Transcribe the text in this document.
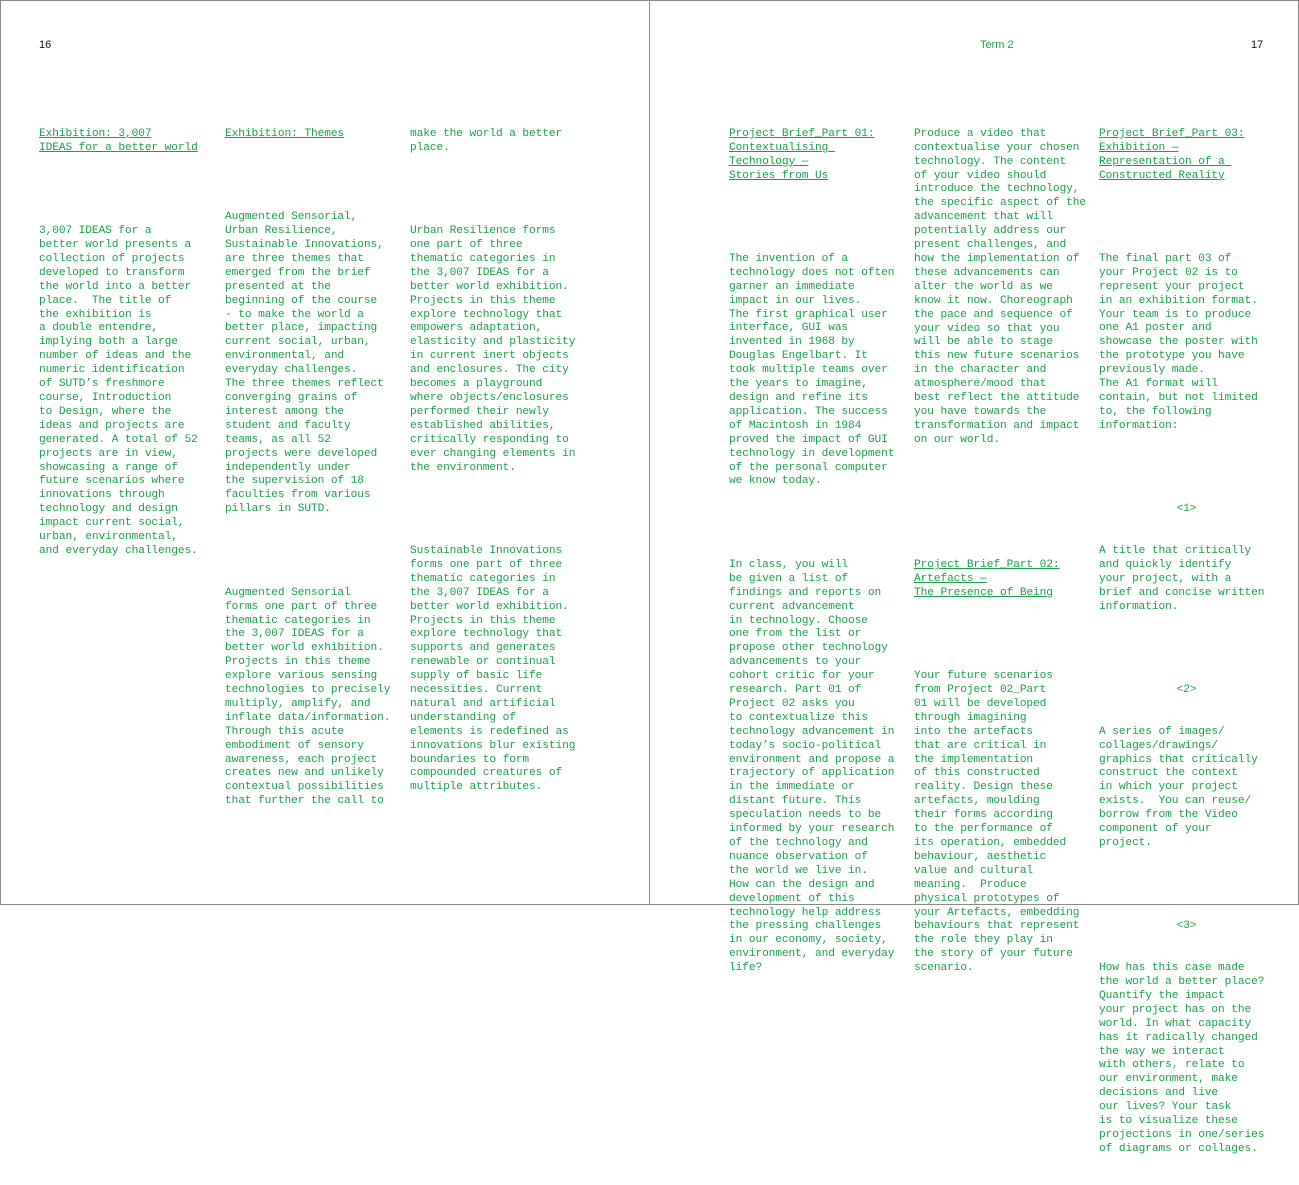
16

Exhibition: 3,007
IDEAS for a better world

3,007 IDEAS for a
better world presents a
collection of projects
developed to transform
the world into a better
place.  The title of
the exhibition is
a double entendre,
implying both a large
number of ideas and the
numeric identification
of SUTD’s freshmore
course, Introduction
to Design, where the
ideas and projects are
generated. A total of 52
projects are in view,
showcasing a range of
future scenarios where
innovations through
technology and design
impact current social,
urban, environmental,
and everyday challenges.

Exhibition: Themes

Augmented Sensorial,
Urban Resilience,
Sustainable Innovations,
are three themes that
emerged from the brief
presented at the
beginning of the course
- to make the world a
better place, impacting
current social, urban,
environmental, and
everyday challenges.
The three themes reflect
converging grains of
interest among the
student and faculty
teams, as all 52
projects were developed
independently under
the supervision of 18
faculties from various
pillars in SUTD.

Augmented Sensorial
forms one part of three
thematic categories in
the 3,007 IDEAS for a
better world exhibition.
Projects in this theme
explore various sensing
technologies to precisely
multiply, amplify, and
inflate data/information.
Through this acute
embodiment of sensory
awareness, each project
creates new and unlikely
contextual possibilities
that further the call to

make the world a better
place.

Urban Resilience forms
one part of three
thematic categories in
the 3,007 IDEAS for a
better world exhibition.
Projects in this theme
explore technology that
empowers adaptation,
elasticity and plasticity
in current inert objects
and enclosures. The city
becomes a playground
where objects/enclosures
performed their newly
established abilities,
critically responding to
ever changing elements in
the environment.

Sustainable Innovations
forms one part of three
thematic categories in
the 3,007 IDEAS for a
better world exhibition.
Projects in this theme
explore technology that
supports and generates
renewable or continual
supply of basic life
necessities. Current
natural and artificial
understanding of
elements is redefined as
innovations blur existing
boundaries to form
compounded creatures of
multiple attributes.

Term 2	17

Project Brief_Part 01:
Contextualising
Technology —
Stories from Us

The invention of a
technology does not often
garner an immediate
impact in our lives.
The first graphical user
interface, GUI was
invented in 1968 by
Douglas Engelbart. It
took multiple teams over
the years to imagine,
design and refine its
application. The success
of Macintosh in 1984
proved the impact of GUI
technology in development
of the personal computer
we know today.

In class, you will
be given a list of
findings and reports on
current advancement
in technology. Choose
one from the list or
propose other technology
advancements to your
cohort critic for your
research. Part 01 of
Project 02 asks you
to contextualize this
technology advancement in
today’s socio-political
environment and propose a
trajectory of application
in the immediate or
distant future. This
speculation needs to be
informed by your research
of the technology and
nuance observation of
the world we live in.
How can the design and
development of this
technology help address
the pressing challenges
in our economy, society,
environment, and everyday
life?

Produce a video that
contextualise your chosen
technology. The content
of your video should
introduce the technology,
the specific aspect of the
advancement that will
potentially address our
present challenges, and
how the implementation of
these advancements can
alter the world as we
know it now. Choreograph
the pace and sequence of
your video so that you
will be able to stage
this new future scenarios
in the character and
atmosphere/mood that
best reflect the attitude
you have towards the
transformation and impact
on our world.

Project Brief_Part 02:
Artefacts —
The Presence of Being

Your future scenarios
from Project 02_Part
01 will be developed
through imagining
into the artefacts
that are critical in
the implementation
of this constructed
reality. Design these
artefacts, moulding
their forms according
to the performance of
its operation, embedded
behaviour, aesthetic
value and cultural
meaning.  Produce
physical prototypes of
your Artefacts, embedding
behaviours that represent
the role they play in
the story of your future
scenario.

Project Brief_Part 03:
Exhibition —
Representation of a
Constructed Reality

The final part 03 of
your Project 02 is to
represent your project
in an exhibition format.
Your team is to produce
one A1 poster and
showcase the poster with
the prototype you have
previously made.
The A1 format will
contain, but not limited
to, the following
information:

<1>

A title that critically
and quickly identify
your project, with a
brief and concise written
information.

<2>

A series of images/
collages/drawings/
graphics that critically
construct the context
in which your project
exists.  You can reuse/
borrow from the Video
component of your
project.

<3>

How has this case made
the world a better place?
Quantify the impact
your project has on the
world. In what capacity
has it radically changed
the way we interact
with others, relate to
our environment, make
decisions and live
our lives? Your task
is to visualize these
projections in one/series
of diagrams or collages.
